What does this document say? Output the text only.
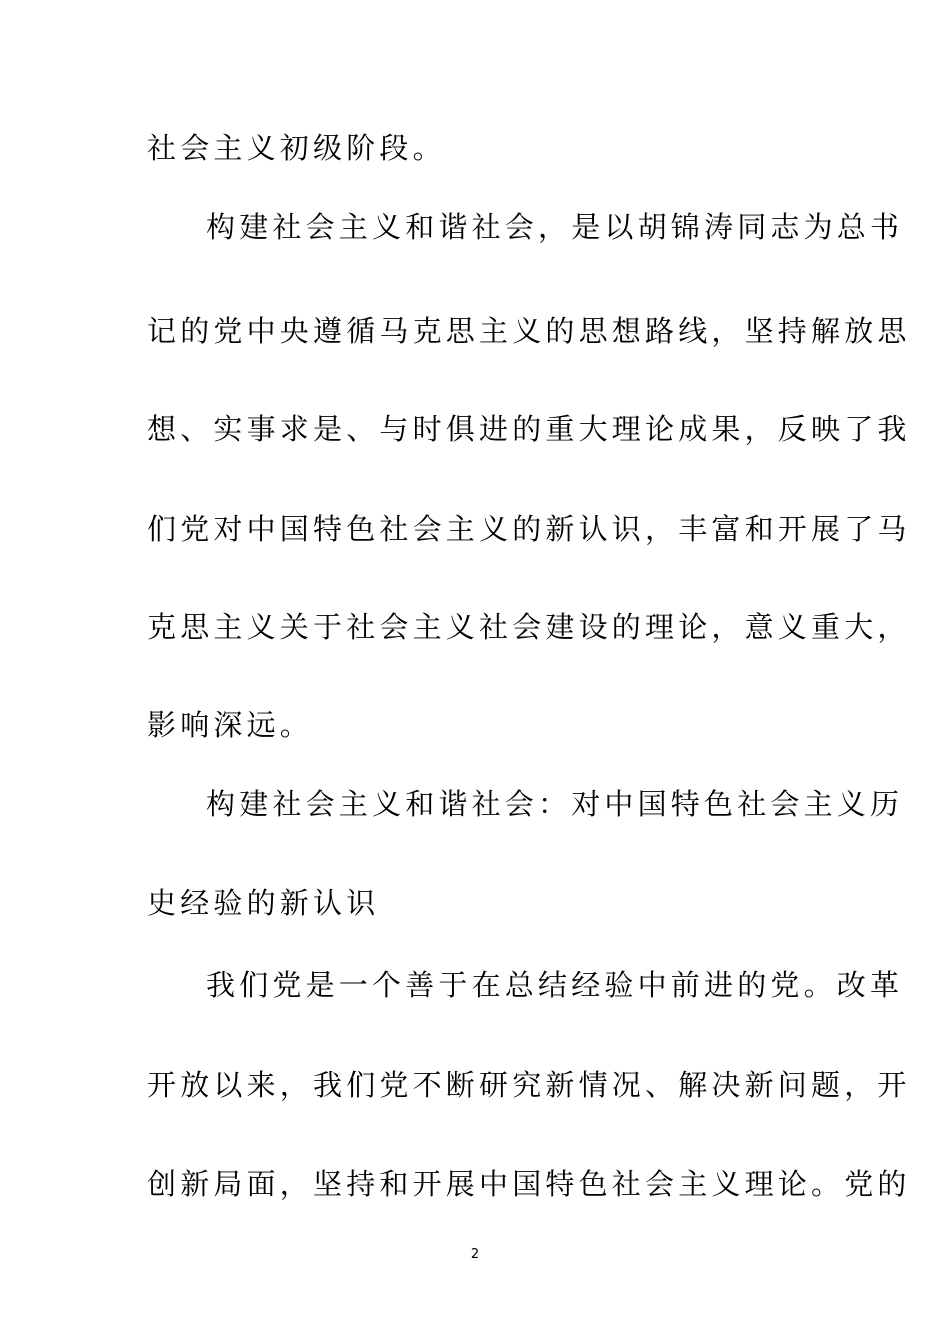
社会主义初级阶段。
构建社会主义和谐社会，是以胡锦涛同志为总书
记的党中央遵循马克思主义的思想路线，坚持解放思
想、实事求是、与时俱进的重大理论成果，反映了我
们党对中国特色社会主义的新认识，丰富和开展了马
克思主义关于社会主义社会建设的理论，意义重大，
影响深远。
构建社会主义和谐社会：对中国特色社会主义历
史经验的新认识
我们党是一个善于在总结经验中前进的党。改革
开放以来，我们党不断研究新情况、解决新问题，开
创新局面，坚持和开展中国特色社会主义理论。党的
2
